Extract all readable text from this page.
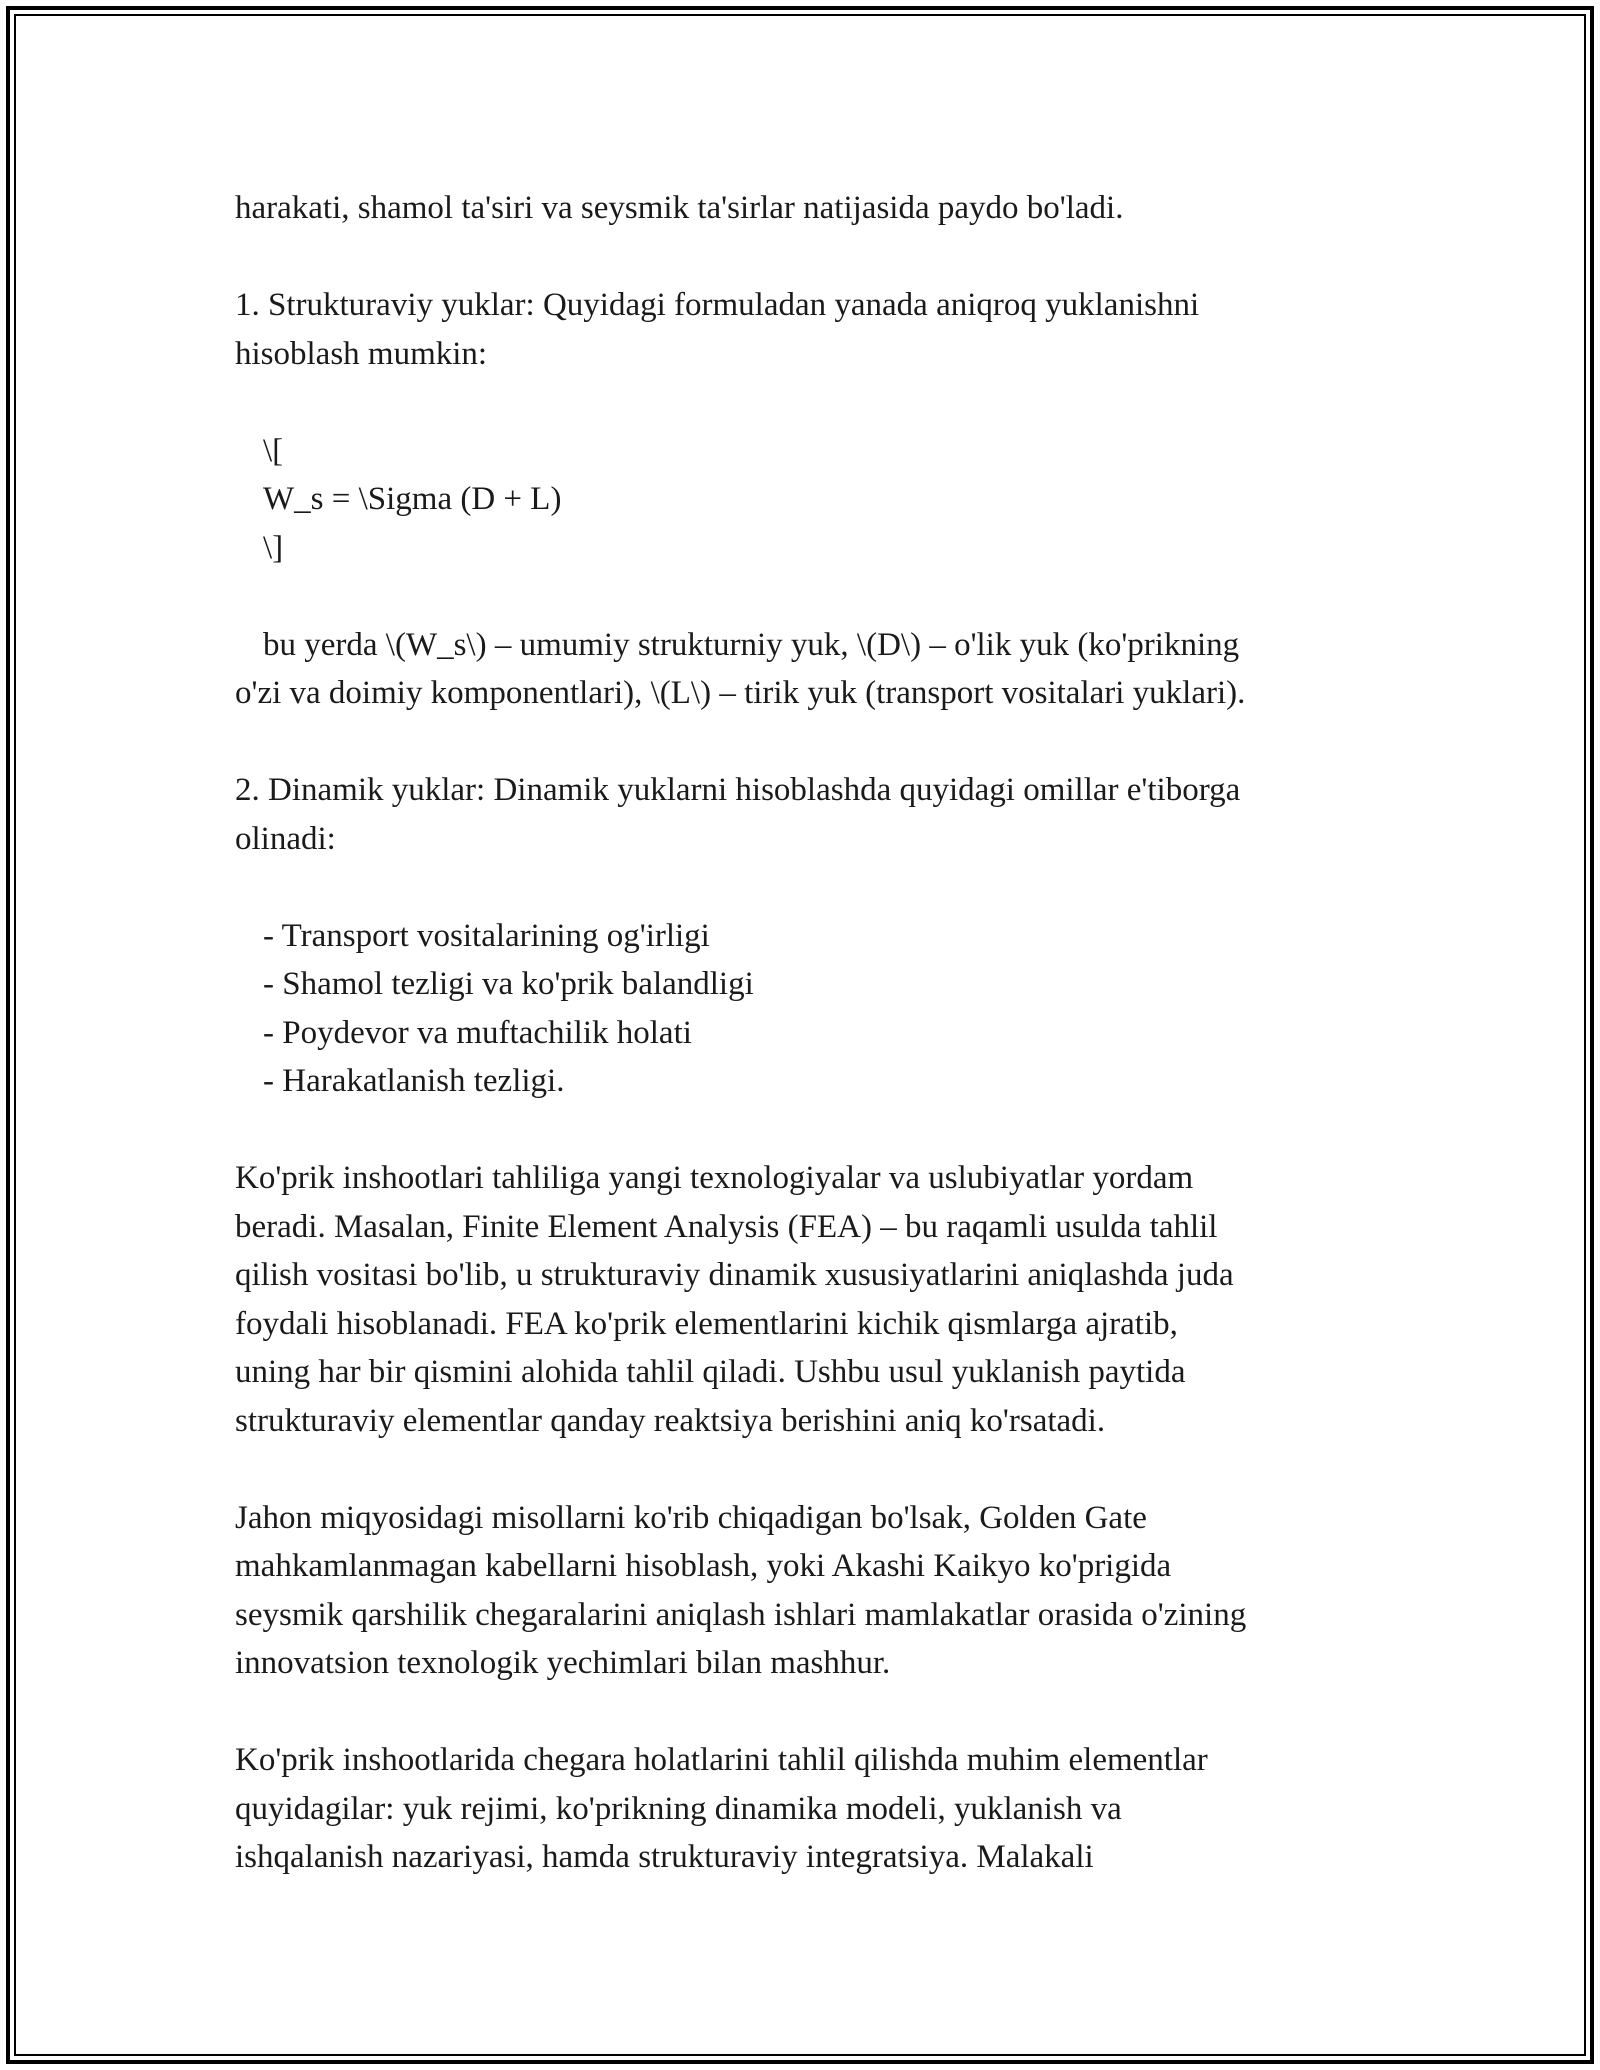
harakati, shamol ta'siri va seysmik ta'sirlar natijasida paydo bo'ladi.
1. Strukturaviy yuklar: Quyidagi formuladan yanada aniqroq yuklanishni
hisoblash mumkin:
\[
W_s = \Sigma (D + L)
\]
bu yerda \(W_s\) – umumiy strukturniy yuk, \(D\) – o'lik yuk (ko'prikning
o'zi va doimiy komponentlari), \(L\) – tirik yuk (transport vositalari yuklari).
2. Dinamik yuklar: Dinamik yuklarni hisoblashda quyidagi omillar e'tiborga
olinadi:
- Transport vositalarining og'irligi
- Shamol tezligi va ko'prik balandligi
- Poydevor va muftachilik holati
- Harakatlanish tezligi.
Ko'prik inshootlari tahliliga yangi texnologiyalar va uslubiyatlar yordam
beradi. Masalan, Finite Element Analysis (FEA) – bu raqamli usulda tahlil
qilish vositasi bo'lib, u strukturaviy dinamik xususiyatlarini aniqlashda juda
foydali hisoblanadi. FEA ko'prik elementlarini kichik qismlarga ajratib,
uning har bir qismini alohida tahlil qiladi. Ushbu usul yuklanish paytida
strukturaviy elementlar qanday reaktsiya berishini aniq ko'rsatadi.
Jahon miqyosidagi misollarni ko'rib chiqadigan bo'lsak, Golden Gate
mahkamlanmagan kabellarni hisoblash, yoki Akashi Kaikyo ko'prigida
seysmik qarshilik chegaralarini aniqlash ishlari mamlakatlar orasida o'zining
innovatsion texnologik yechimlari bilan mashhur.
Ko'prik inshootlarida chegara holatlarini tahlil qilishda muhim elementlar
quyidagilar: yuk rejimi, ko'prikning dinamika modeli, yuklanish va
ishqalanish nazariyasi, hamda strukturaviy integratsiya. Malakali
